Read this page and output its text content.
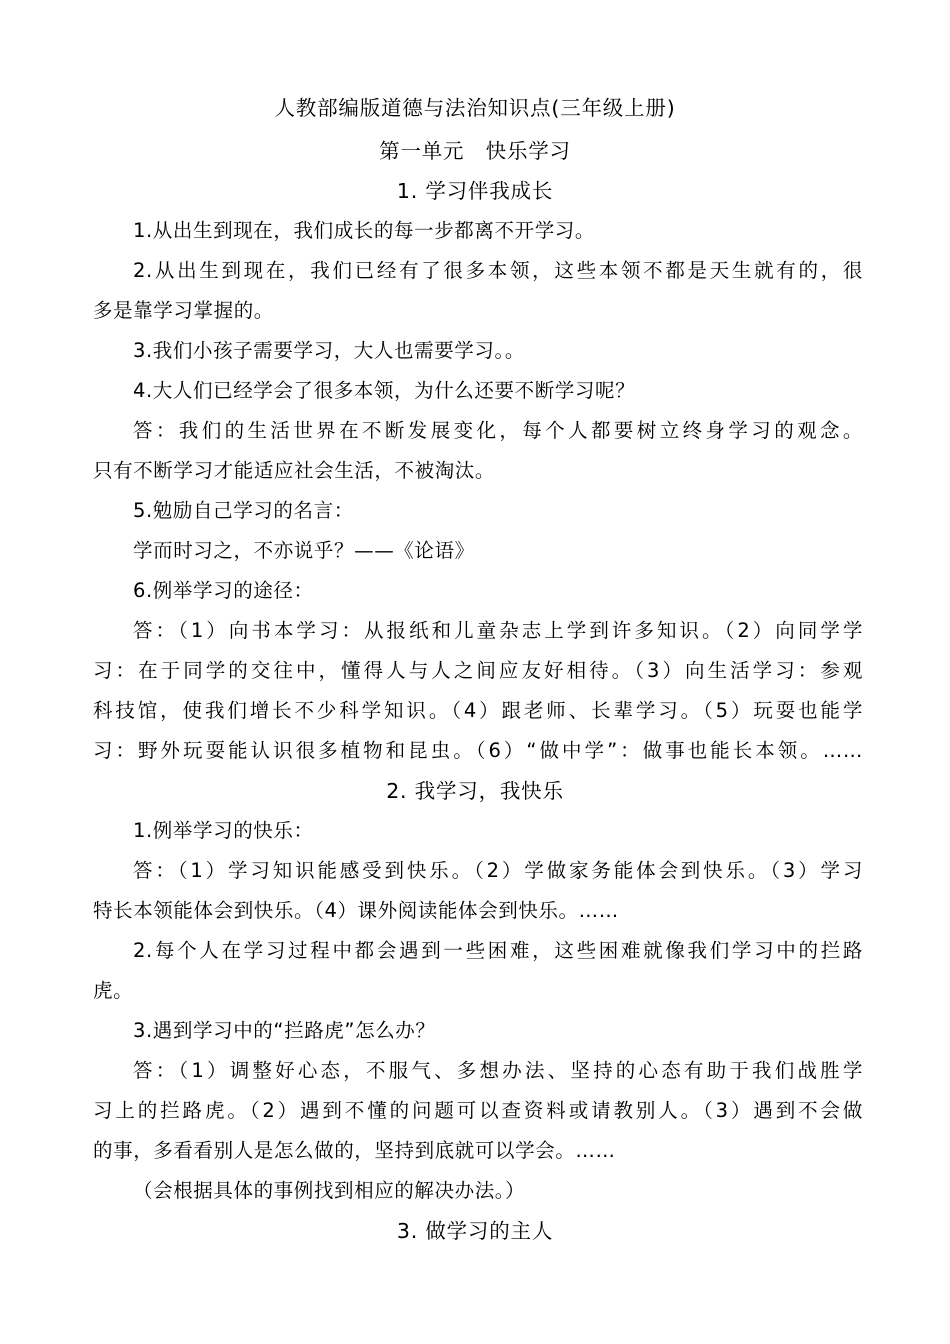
人教部编版道德与法治知识点(三年级上册)
第一单元　快乐学习
1. 学习伴我成长
1.从出生到现在，我们成长的每一步都离不开学习。
2.从出生到现在，我们已经有了很多本领，这些本领不都是天生就有的，很
多是靠学习掌握的。
3.我们小孩子需要学习，大人也需要学习。。
4.大人们已经学会了很多本领，为什么还要不断学习呢？
答：我们的生活世界在不断发展变化，每个人都要树立终身学习的观念。
只有不断学习才能适应社会生活，不被淘汰。
5.勉励自己学习的名言：
学而时习之，不亦说乎？——《论语》
6.例举学习的途径：
答：（1）向书本学习：从报纸和儿童杂志上学到许多知识。（2）向同学学
习：在于同学的交往中，懂得人与人之间应友好相待。（3）向生活学习：参观
科技馆，使我们增长不少科学知识。（4）跟老师、长辈学习。（5）玩耍也能学
习：野外玩耍能认识很多植物和昆虫。（6）“做中学”：做事也能长本领。……
2. 我学习，我快乐
1.例举学习的快乐：
答：（1）学习知识能感受到快乐。（2）学做家务能体会到快乐。（3）学习
特长本领能体会到快乐。（4）课外阅读能体会到快乐。……
2.每个人在学习过程中都会遇到一些困难，这些困难就像我们学习中的拦路
虎。
3.遇到学习中的“拦路虎”怎么办？
答：（1）调整好心态，不服气、多想办法、坚持的心态有助于我们战胜学
习上的拦路虎。（2）遇到不懂的问题可以查资料或请教别人。（3）遇到不会做
的事，多看看别人是怎么做的，坚持到底就可以学会。……
（会根据具体的事例找到相应的解决办法。）
3. 做学习的主人
